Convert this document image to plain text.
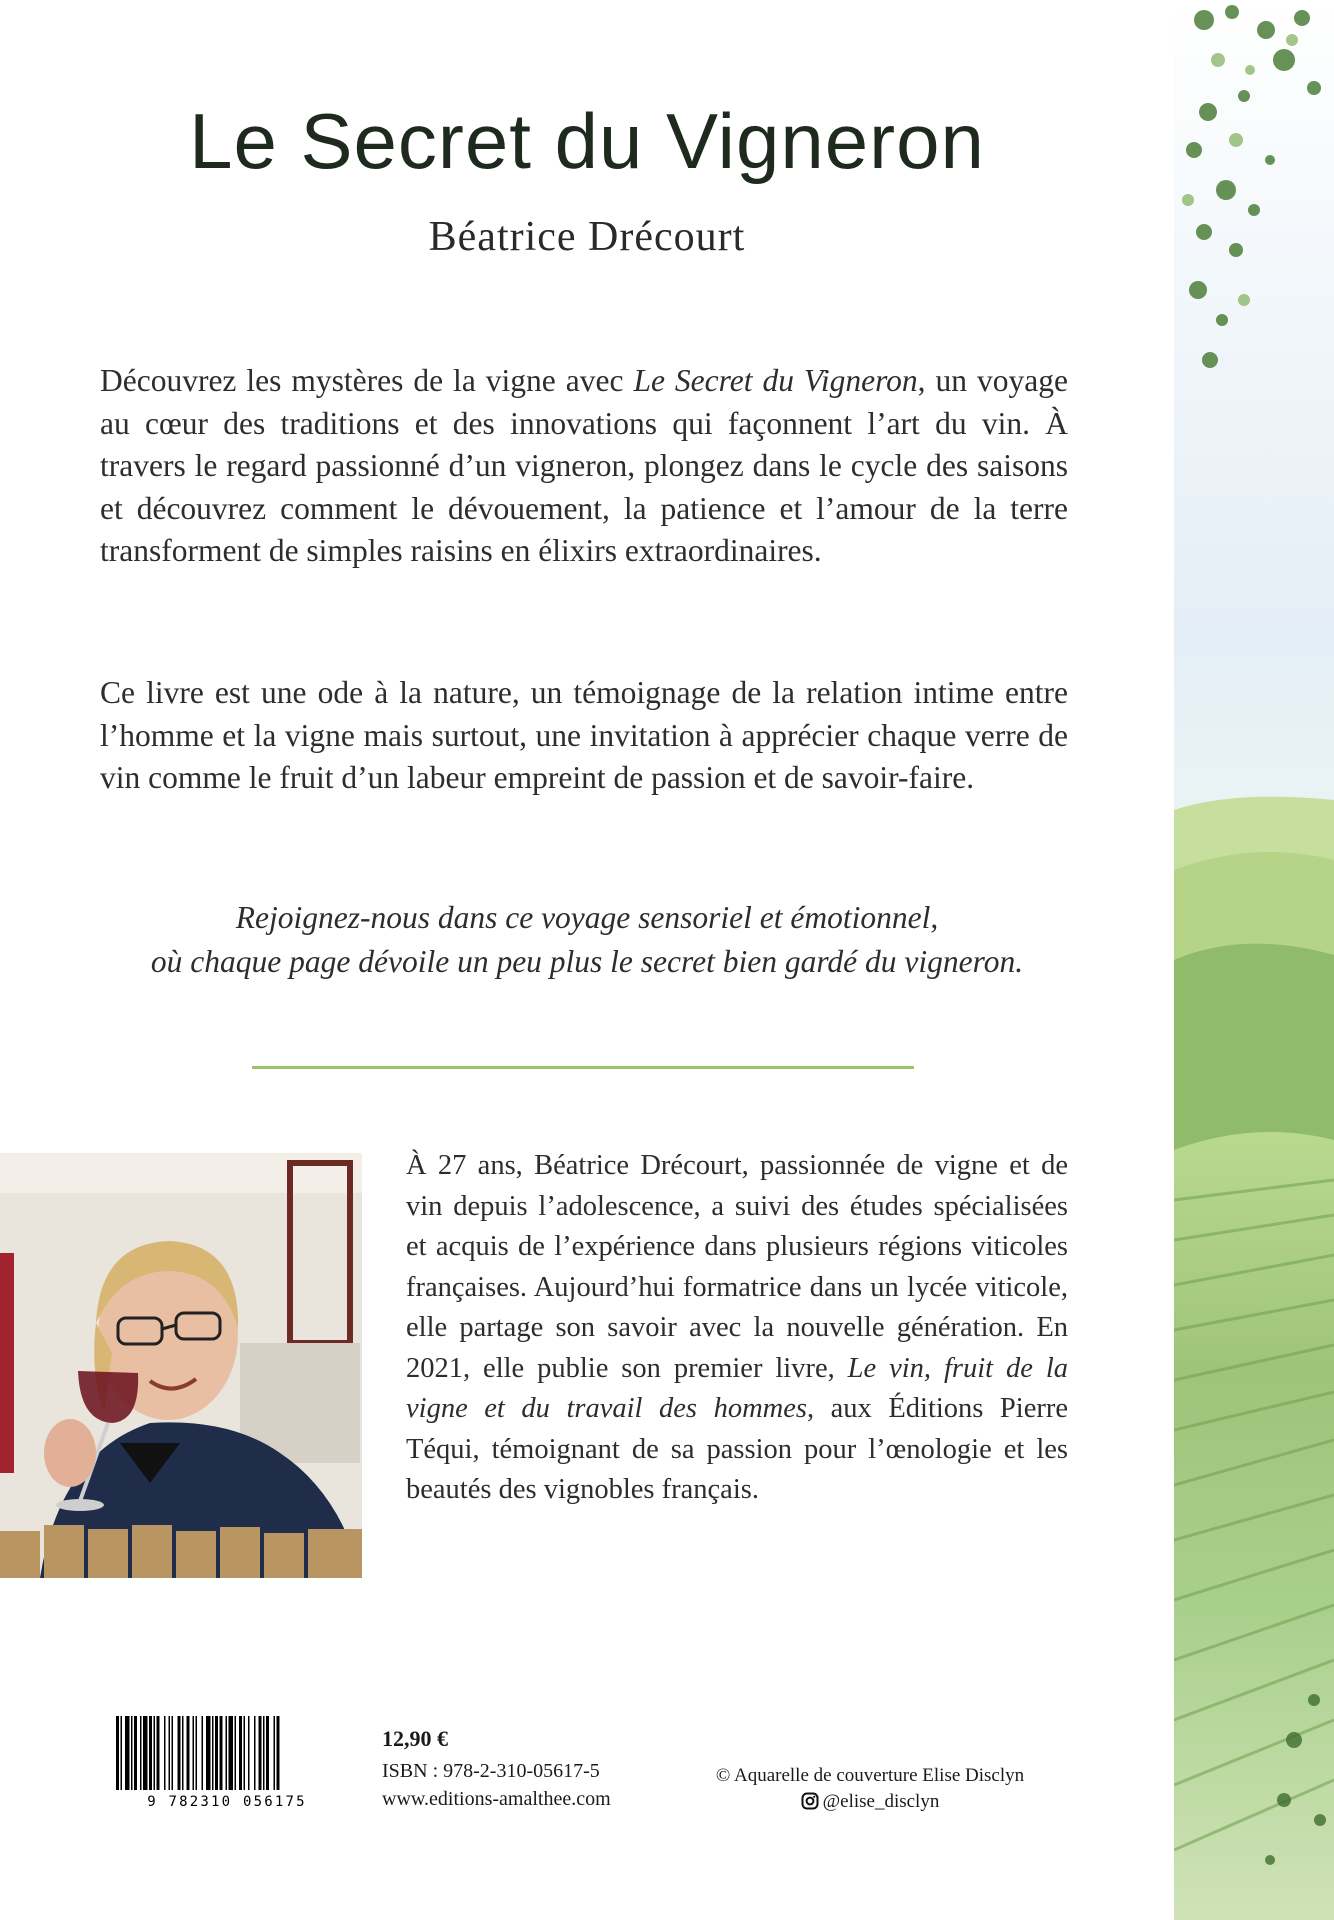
Le Secret du Vigneron
Béatrice Drécourt
Découvrez les mystères de la vigne avec Le Secret du Vigneron, un voyage au cœur des traditions et des innovations qui façonnent l’art du vin. À travers le regard passionné d’un vigneron, plongez dans le cycle des saisons et découvrez comment le dévouement, la patience et l’amour de la terre transforment de simples raisins en élixirs extraordinaires.
Ce livre est une ode à la nature, un témoignage de la relation intime entre l’homme et la vigne mais surtout, une invitation à apprécier chaque verre de vin comme le fruit d’un labeur empreint de passion et de savoir-faire.
Rejoignez-nous dans ce voyage sensoriel et émotionnel,
où chaque page dévoile un peu plus le secret bien gardé du vigneron.
À 27 ans, Béatrice Drécourt, passionnée de vigne et de vin depuis l’adolescence, a suivi des études spécialisées et acquis de l’expérience dans plusieurs régions viticoles françaises. Aujourd’hui formatrice dans un lycée viticole, elle partage son savoir avec la nouvelle génération. En 2021, elle publie son premier livre, Le vin, fruit de la vigne et du travail des hommes, aux Éditions Pierre Téqui, témoignant de sa passion pour l’œnologie et les beautés des vignobles français.
9 782310 056175
12,90 €
ISBN : 978-2-310-05617-5
www.editions-amalthee.com
© Aquarelle de couverture Elise Disclyn
@elise_disclyn
